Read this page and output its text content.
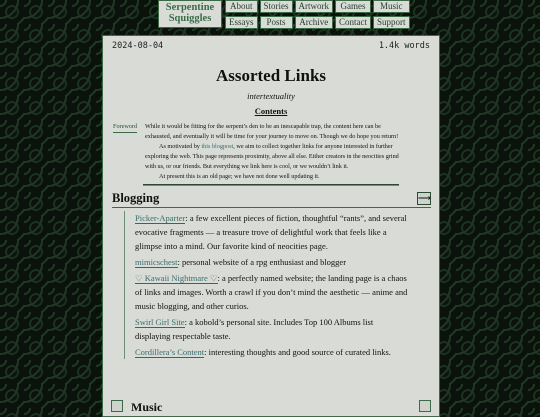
Serpentine
Squiggles
About	Stories	Artwork	Games	Music
Essays	Posts	Archive	Contact	Support
2024-08-04	1.4k words
Assorted Links
intertextuality
Contents
Foreword While it would be fitting for the serpent’s den to be an inescapable trap, the content here can be exhausted, and eventually it will be time for your journey to move on. Though we do hope you return!

As motivated by this blogpost, we aim to collect together links for anyone interested in further exploring the web. This page represents proximity, above all else. Either creators in the neocities grind with us, or our friends. But everything we link here is cool, or we wouldn’t link it.

At present this is an old page; we have not done well updating it.

Blogging	⟶
Picker-Aparter: a few excellent pieces of fiction, thoughtful “rants”, and several evocative fragments — a treasure trove of delightful work that feels like a glimpse into a mind. Our favorite kind of neocities page.
mimicschest: personal website of a rpg enthusiast and blogger
♡ Kawaii Nightmare ♡: a perfectly named website; the landing page is a chaos of links and images. Worth a crawl if you don’t mind the aesthetic — anime and music blogging, and other curios.
Swirl Girl Site: a kobold’s personal site. Includes Top 100 Albums list displaying respectable taste.
Cordillera’s Content: interesting thoughts and good source of curated links.
Music
